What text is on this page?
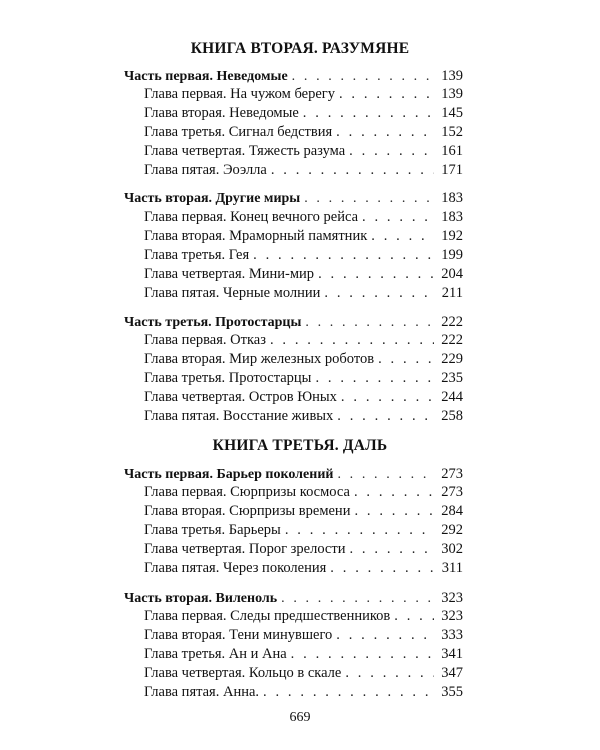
КНИГА ВТОРАЯ. РАЗУМЯНЕ
Часть первая. Неведомые . . .	139
Глава первая. На чужом берегу . . .	139
Глава вторая. Неведомые . . .	145
Глава третья. Сигнал бедствия . . .	152
Глава четвертая. Тяжесть разума . . .	161
Глава пятая. Эоэлла . . .	171
Часть вторая. Другие миры . . .	183
Глава первая. Конец вечного рейса . . .	183
Глава вторая. Мраморный памятник . . .	192
Глава третья. Гея . . .	199
Глава четвертая. Мини-мир . . .	204
Глава пятая. Черные молнии . . .	211
Часть третья. Протостарцы . . .	222
Глава первая. Отказ . . .	222
Глава вторая. Мир железных роботов . . .	229
Глава третья. Протостарцы . . .	235
Глава четвертая. Остров Юных . . .	244
Глава пятая. Восстание живых . . .	258
КНИГА ТРЕТЬЯ. ДАЛЬ
Часть первая. Барьер поколений . . .	273
Глава первая. Сюрпризы космоса . . .	273
Глава вторая. Сюрпризы времени . . .	284
Глава третья. Барьеры . . .	292
Глава четвертая. Порог зрелости . . .	302
Глава пятая. Через поколения . . .	311
Часть вторая. Виленоль . . .	323
Глава первая. Следы предшественников . . .	323
Глава вторая. Тени минувшего . . .	333
Глава третья. Ан и Ана . . .	341
Глава четвертая. Кольцо в скале . . .	347
Глава пятая. Анна. . . .	355
669
